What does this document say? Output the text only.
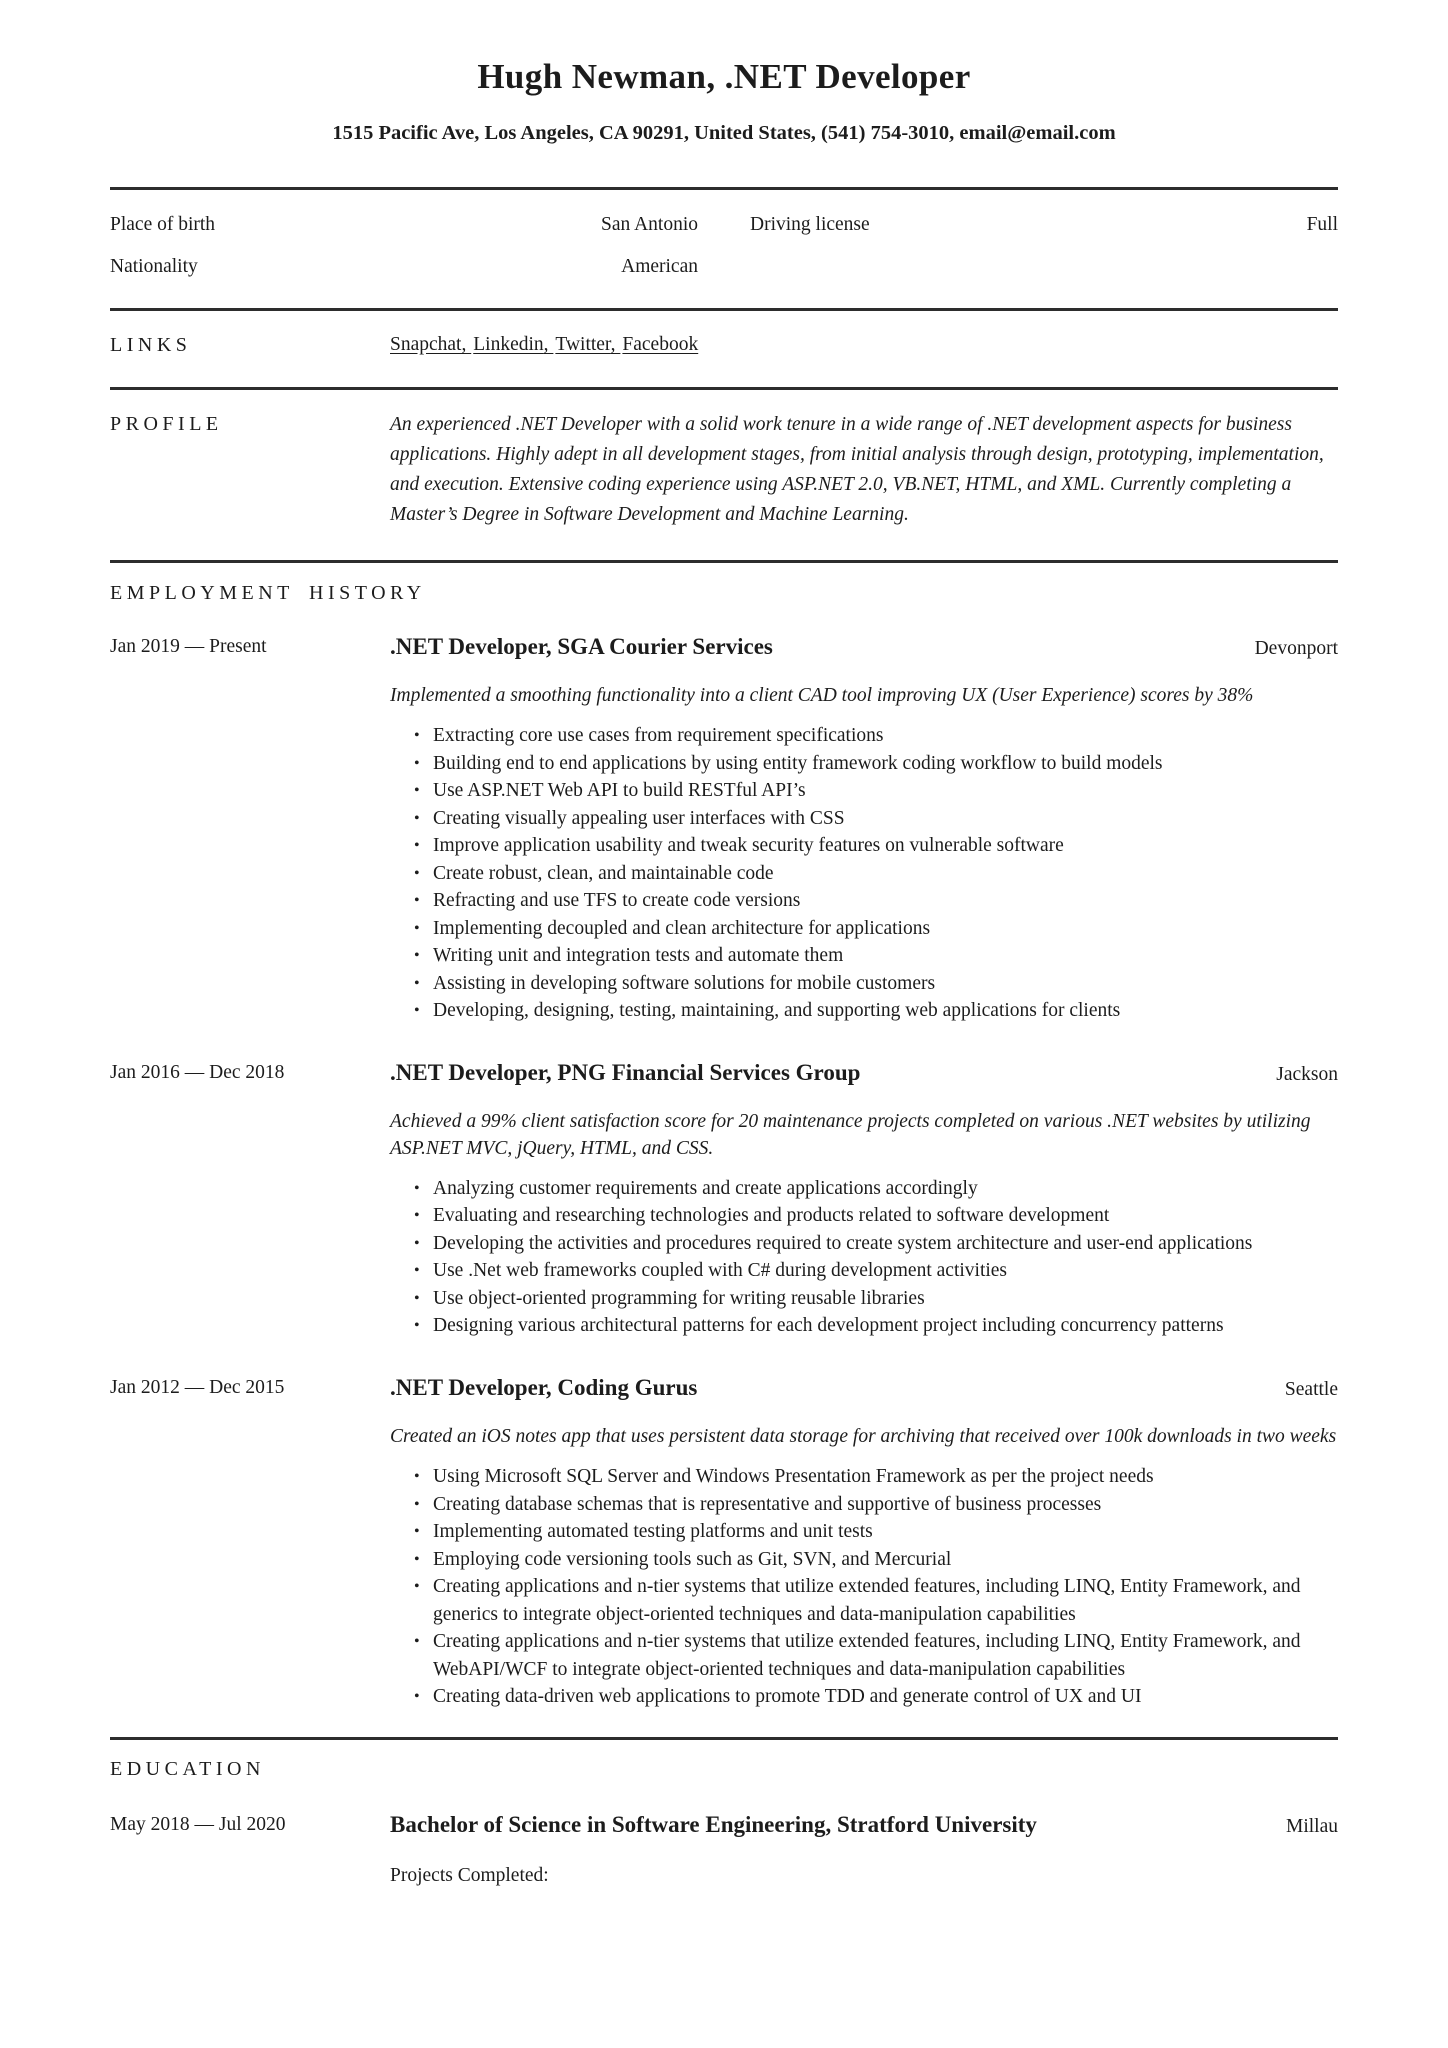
Hugh Newman, .NET Developer
1515 Pacific Ave, Los Angeles, CA 90291, United States, (541) 754-3010, email@email.com
Place of birth	San Antonio	Driving license	Full
Nationality	American
LINKS	Snapchat , Linkedin , Twitter , Facebook
PROFILE	An experienced .NET Developer with a solid work tenure in a wide range of .NET development aspects for business applications. Highly adept in all development stages, from initial analysis through design, prototyping, implementation, and execution. Extensive coding experience using ASP.NET 2.0, VB.NET, HTML, and XML. Currently completing a Master’s Degree in Software Development and Machine Learning.
EMPLOYMENT HISTORY
Jan 2019 — Present	.NET Developer, SGA Courier Services	Devonport

Implemented a smoothing functionality into a client CAD tool improving UX (User Experience) scores by 38%

• Extracting core use cases from requirement specifications
• Building end to end applications by using entity framework coding workflow to build models
• Use ASP.NET Web API to build RESTful API’s
• Creating visually appealing user interfaces with CSS
• Improve application usability and tweak security features on vulnerable software
• Create robust, clean, and maintainable code
• Refracting and use TFS to create code versions
• Implementing decoupled and clean architecture for applications
• Writing unit and integration tests and automate them
• Assisting in developing software solutions for mobile customers
• Developing, designing, testing, maintaining, and supporting web applications for clients
Jan 2016 — Dec 2018	.NET Developer, PNG Financial Services Group	Jackson

Achieved a 99% client satisfaction score for 20 maintenance projects completed on various .NET websites by utilizing ASP.NET MVC, jQuery, HTML, and CSS.

• Analyzing customer requirements and create applications accordingly
• Evaluating and researching technologies and products related to software development
• Developing the activities and procedures required to create system architecture and user-end applications
• Use .Net web frameworks coupled with C# during development activities
• Use object-oriented programming for writing reusable libraries
• Designing various architectural patterns for each development project including concurrency patterns
Jan 2012 — Dec 2015	.NET Developer, Coding Gurus	Seattle

Created an iOS notes app that uses persistent data storage for archiving that received over 100k downloads in two weeks

• Using Microsoft SQL Server and Windows Presentation Framework as per the project needs
• Creating database schemas that is representative and supportive of business processes
• Implementing automated testing platforms and unit tests
• Employing code versioning tools such as Git, SVN, and Mercurial
• Creating applications and n-tier systems that utilize extended features, including LINQ, Entity Framework, and generics to integrate object-oriented techniques and data-manipulation capabilities
• Creating applications and n-tier systems that utilize extended features, including LINQ, Entity Framework, and WebAPI/WCF to integrate object-oriented techniques and data-manipulation capabilities
• Creating data-driven web applications to promote TDD and generate control of UX and UI
EDUCATION
May 2018 — Jul 2020	Bachelor of Science in Software Engineering, Stratford University	Millau
Projects Completed:
